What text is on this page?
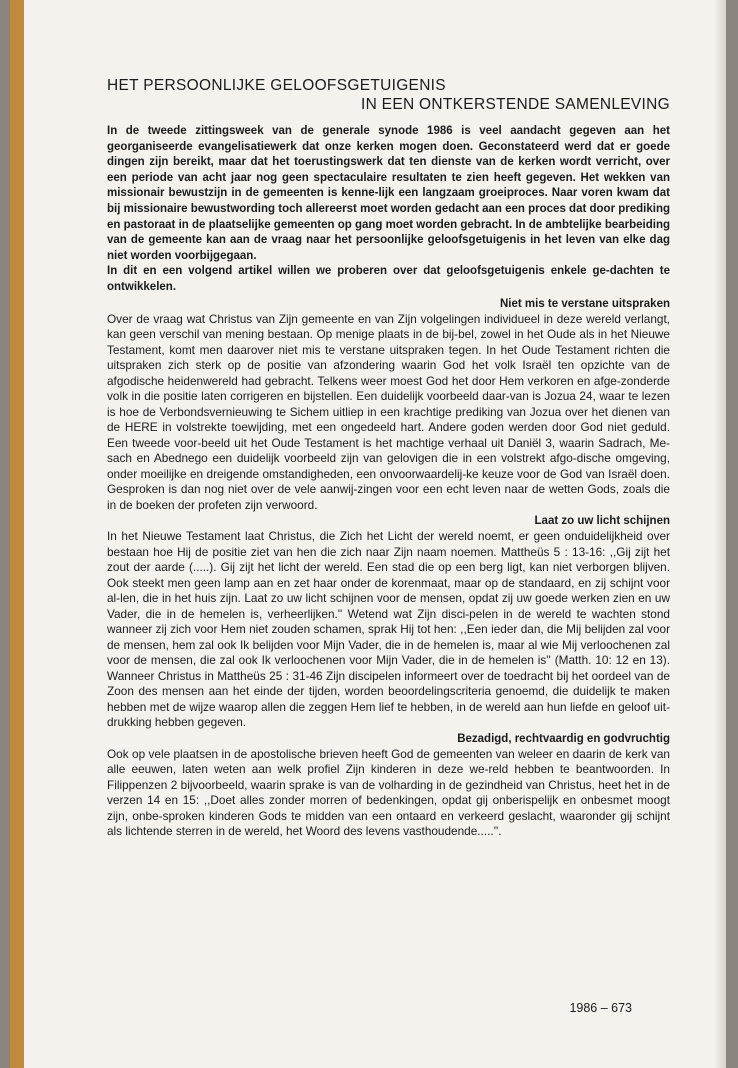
HET PERSOONLIJKE GELOOFSGETUIGENIS
IN EEN ONTKERSTENDE SAMENLEVING

In de tweede zittingsweek van de generale synode 1986 is veel aandacht gegeven aan het georganiseerde evangelisatiewerk dat onze kerken mogen doen. Geconstateerd werd dat er goede dingen zijn bereikt, maar dat het toerustingswerk dat ten dienste van de kerken wordt verricht, over een periode van acht jaar nog geen spectaculaire resultaten te zien heeft gegeven. Het wekken van missionair bewustzijn in de gemeenten is kenne-lijk een langzaam groeiproces. Naar voren kwam dat bij missionaire bewustwording toch allereerst moet worden gedacht aan een proces dat door prediking en pastoraat in de plaatselijke gemeenten op gang moet worden gebracht. In de ambtelijke bearbeiding van de gemeente kan aan de vraag naar het persoonlijke geloofsgetuigenis in het leven van elke dag niet worden voorbijgegaan.

In dit en een volgend artikel willen we proberen over dat geloofsgetuigenis enkele ge-dachten te ontwikkelen.

Niet mis te verstane uitspraken

Over de vraag wat Christus van Zijn gemeente en van Zijn volgelingen individueel in deze wereld verlangt, kan geen verschil van mening bestaan. Op menige plaats in de bij-bel, zowel in het Oude als in het Nieuwe Testament, komt men daarover niet mis te verstane uitspraken tegen. In het Oude Testament richten die uitspraken zich sterk op de positie van afzondering waarin God het volk Israël ten opzichte van de afgodische heidenwereld had gebracht. Telkens weer moest God het door Hem verkoren en afge-zonderde volk in die positie laten corrigeren en bijstellen. Een duidelijk voorbeeld daar-van is Jozua 24, waar te lezen is hoe de Verbondsvernieuwing te Sichem uitliep in een krachtige prediking van Jozua over het dienen van de HERE in volstrekte toewijding, met een ongedeeld hart. Andere goden werden door God niet geduld. Een tweede voor-beeld uit het Oude Testament is het machtige verhaal uit Daniël 3, waarin Sadrach, Me-sach en Abednego een duidelijk voorbeeld zijn van gelovigen die in een volstrekt afgo-dische omgeving, onder moeilijke en dreigende omstandigheden, een onvoorwaardelij-ke keuze voor de God van Israël doen. Gesproken is dan nog niet over de vele aanwij-zingen voor een echt leven naar de wetten Gods, zoals die in de boeken der profeten zijn verwoord.

Laat zo uw licht schijnen

In het Nieuwe Testament laat Christus, die Zich het Licht der wereld noemt, er geen onduidelijkheid over bestaan hoe Hij de positie ziet van hen die zich naar Zijn naam noemen. Mattheüs 5 : 13-16: ,,Gij zijt het zout der aarde (.....). Gij zijt het licht der wereld. Een stad die op een berg ligt, kan niet verborgen blijven. Ook steekt men geen lamp aan en zet haar onder de korenmaat, maar op de standaard, en zij schijnt voor al-len, die in het huis zijn. Laat zo uw licht schijnen voor de mensen, opdat zij uw goede werken zien en uw Vader, die in de hemelen is, verheerlijken.'' Wetend wat Zijn disci-pelen in de wereld te wachten stond wanneer zij zich voor Hem niet zouden schamen, sprak Hij tot hen: ,,Een ieder dan, die Mij belijden zal voor de mensen, hem zal ook Ik belijden voor Mijn Vader, die in de hemelen is, maar al wie Mij verloochenen zal voor de mensen, die zal ook Ik verloochenen voor Mijn Vader, die in de hemelen is'' (Matth. 10: 12 en 13). Wanneer Christus in Mattheüs 25 : 31-46 Zijn discipelen informeert over de toedracht bij het oordeel van de Zoon des mensen aan het einde der tijden, worden beoordelingscriteria genoemd, die duidelijk te maken hebben met de wijze waarop allen die zeggen Hem lief te hebben, in de wereld aan hun liefde en geloof uit-drukking hebben gegeven.

Bezadigd, rechtvaardig en godvruchtig

Ook op vele plaatsen in de apostolische brieven heeft God de gemeenten van weleer en daarin de kerk van alle eeuwen, laten weten aan welk profiel Zijn kinderen in deze we-reld hebben te beantwoorden. In Filippenzen 2 bijvoorbeeld, waarin sprake is van de volharding in de gezindheid van Christus, heet het in de verzen 14 en 15: ,,Doet alles zonder morren of bedenkingen, opdat gij onberispelijk en onbesmet moogt zijn, onbe-sproken kinderen Gods te midden van een ontaard en verkeerd geslacht, waaronder gij schijnt als lichtende sterren in de wereld, het Woord des levens vasthoudende.....''.

1986 – 673
